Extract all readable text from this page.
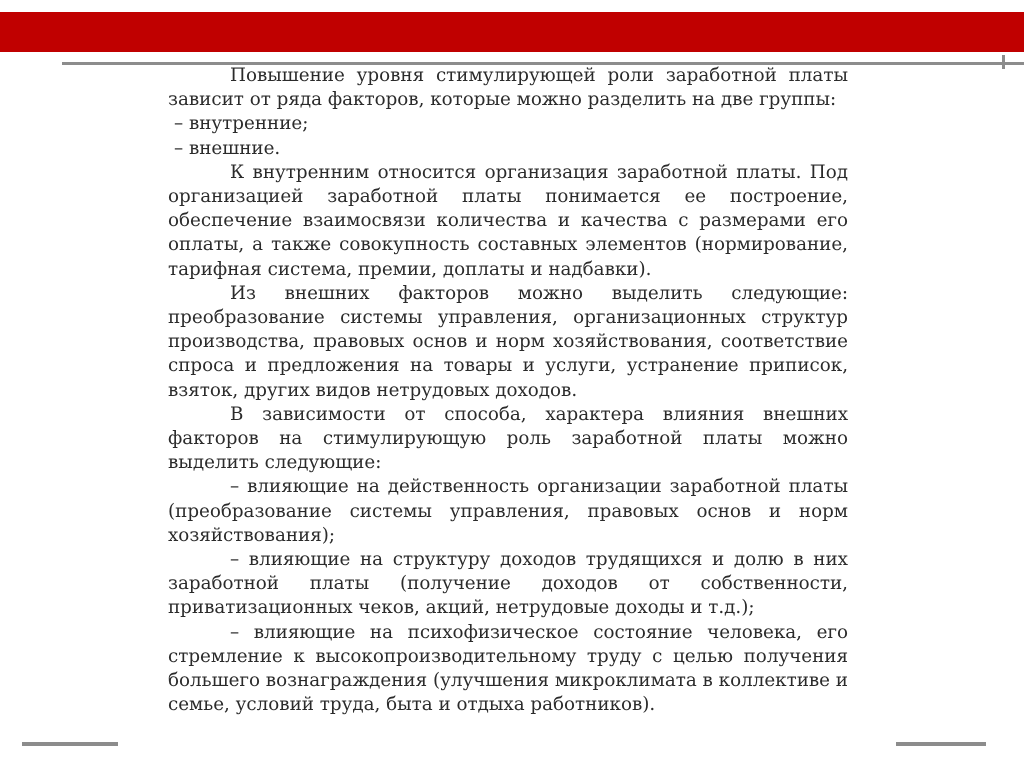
Повышение уровня стимулирующей роли заработной платы зависит от ряда факторов, которые можно разделить на две группы:

– внутренние;

– внешние.

К внутренним относится организация заработной платы. Под организацией заработной платы понимается ее построение, обеспечение взаимосвязи количества и качества с размерами его оплаты, а также совокупность составных элементов (нормирование, тарифная система, премии, доплаты и надбавки).

Из внешних факторов можно выделить следующие: преобразование системы управления, организационных структур производства, правовых основ и норм хозяйствования, соответствие спроса и предложения на товары и услуги, устранение приписок, взяток, других видов нетрудовых доходов.

В зависимости от способа, характера влияния внешних факторов на стимулирующую роль заработной платы можно выделить следующие:

– влияющие на действенность организации заработной платы (преобразование системы управления, правовых основ и норм хозяйствования);

– влияющие на структуру доходов трудящихся и долю в них заработной платы (получение доходов от собственности, приватизационных чеков, акций, нетрудовые доходы и т.д.);

– влияющие на психофизическое состояние человека, его стремление к высокопроизводительному труду с целью получения большего вознаграждения (улучшения микроклимата в коллективе и семье, условий труда, быта и отдыха работников).
